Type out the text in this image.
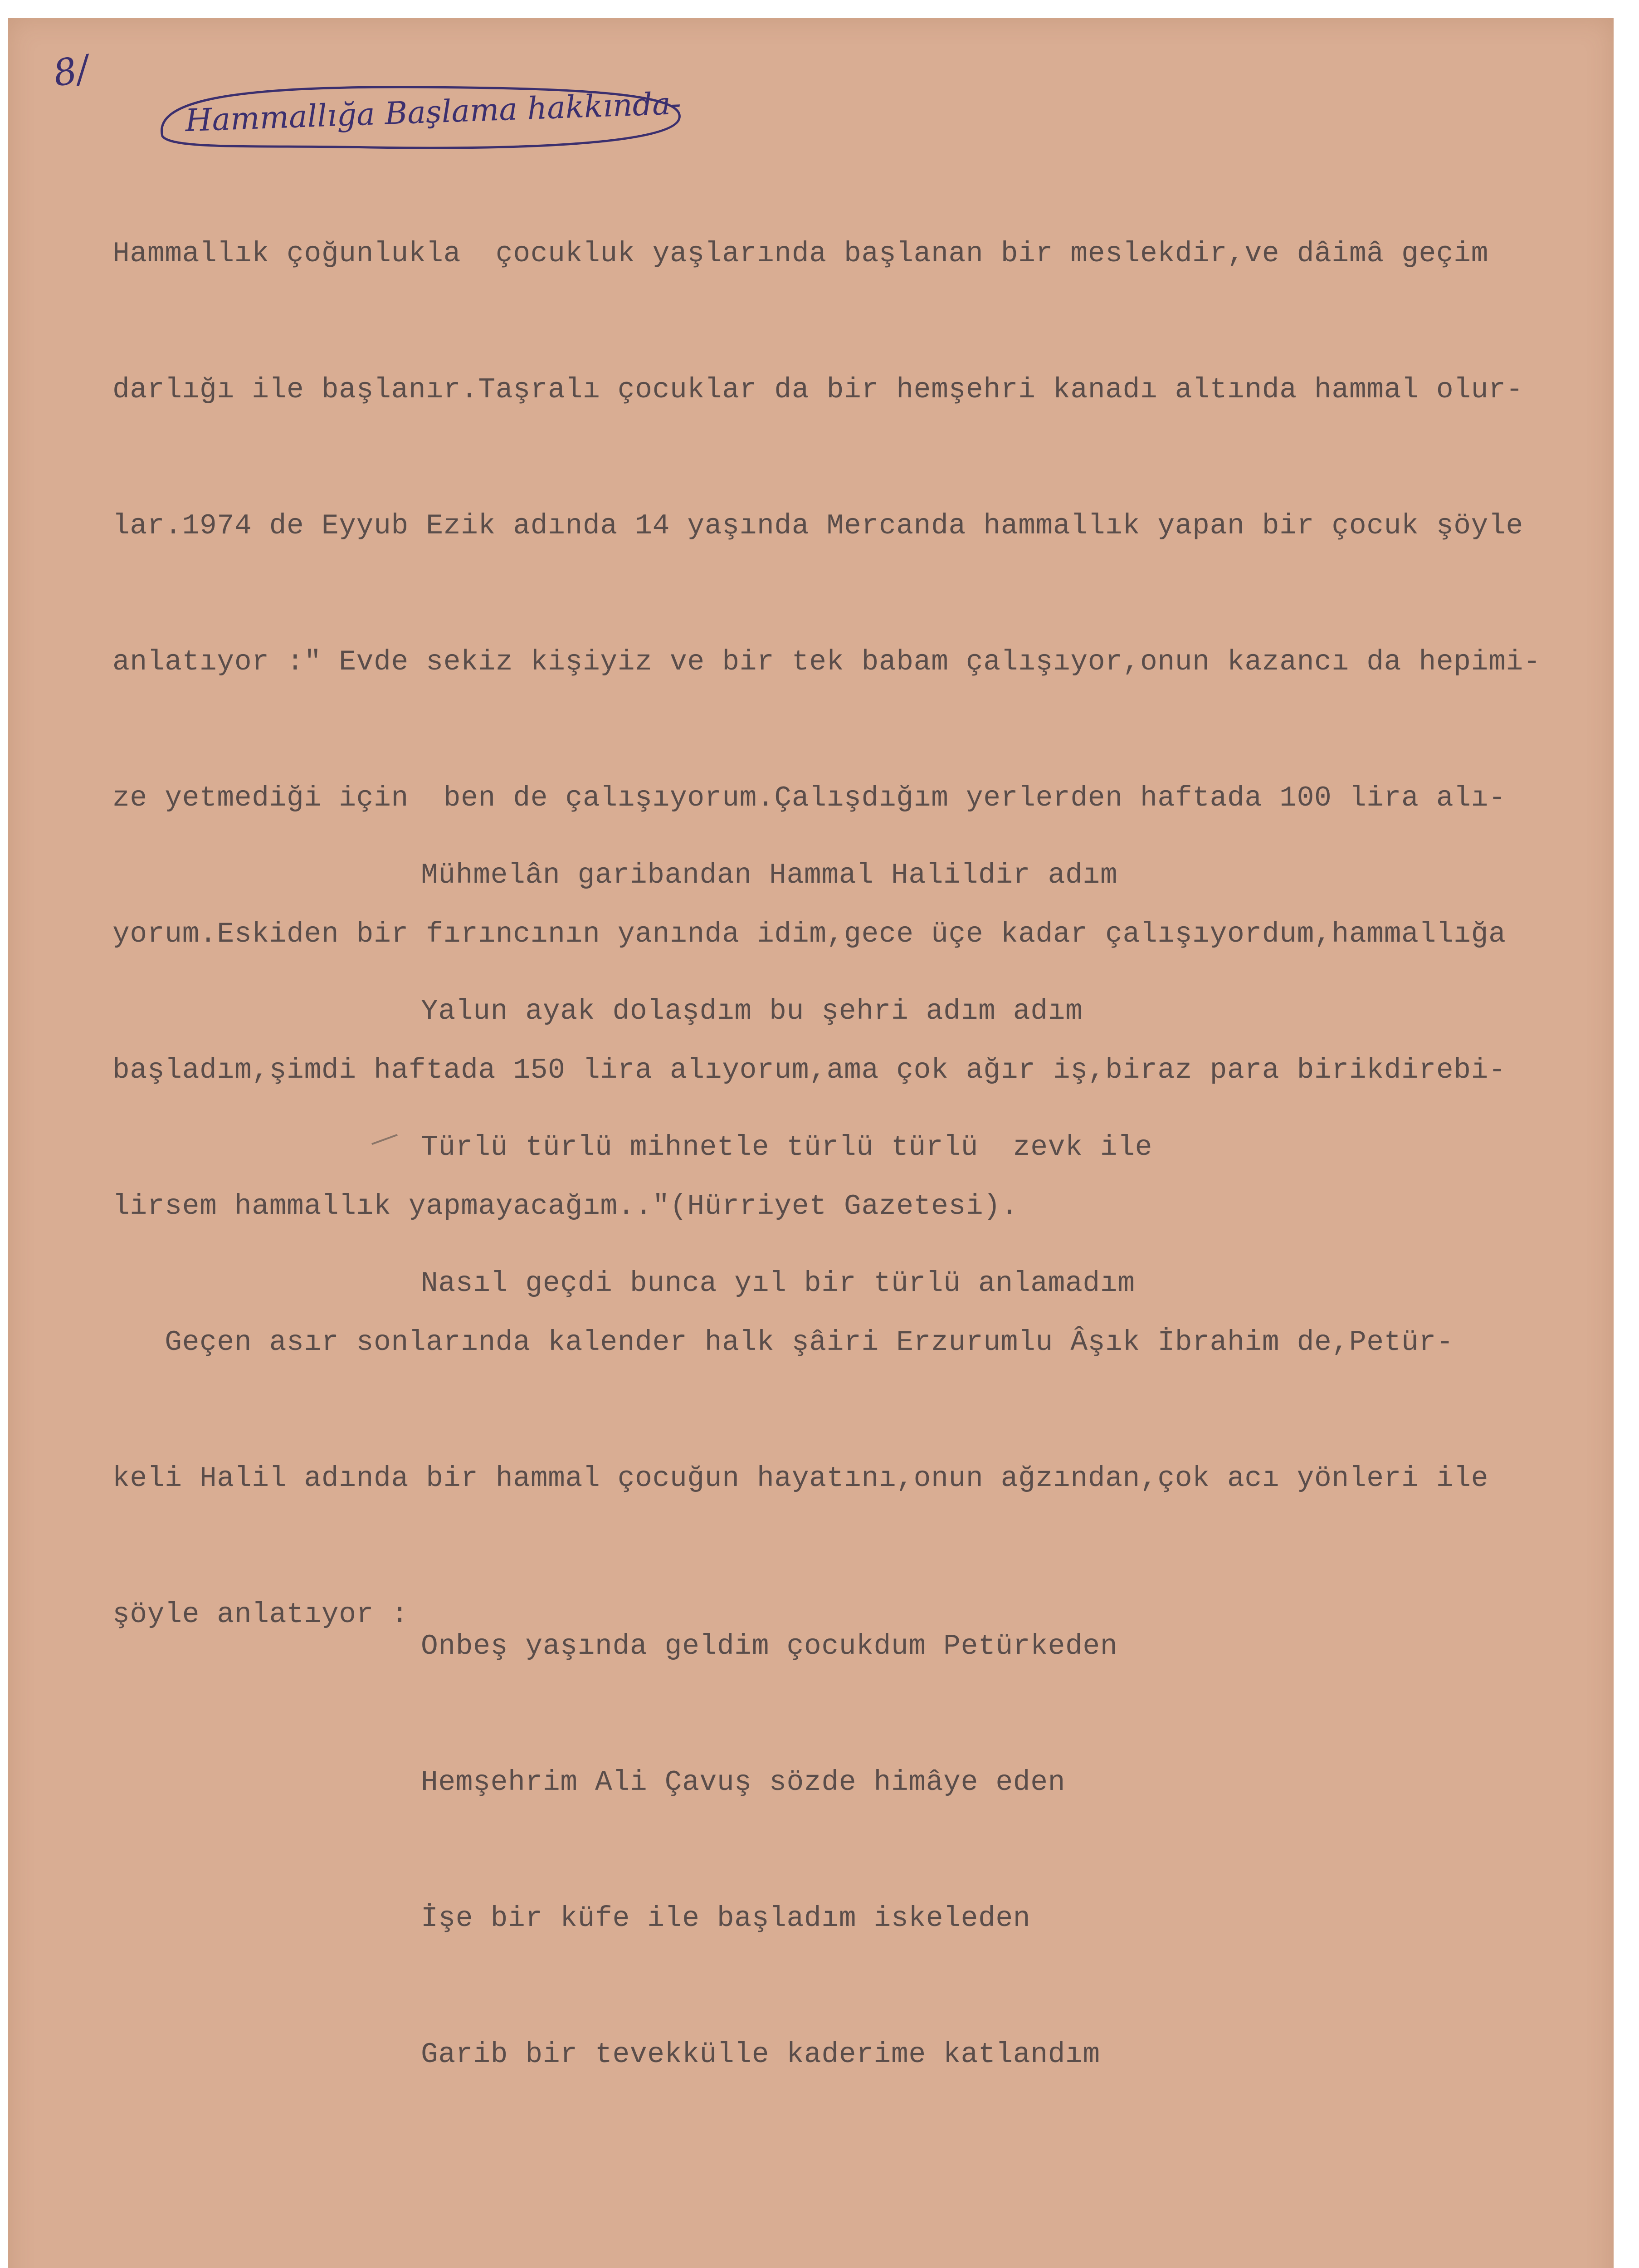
8/
Hammallığa Başlama hakkında-

Hammallık çoğunlukla  çocukluk yaşlarında başlanan bir meslekdir,ve dâimâ geçim

darlığı ile başlanır.Taşralı çocuklar da bir hemşehri kanadı altında hammal olur-

lar.1974 de Eyyub Ezik adında 14 yaşında Mercanda hammallık yapan bir çocuk şöyle

anlatıyor :" Evde sekiz kişiyiz ve bir tek babam çalışıyor,onun kazancı da hepimi-

ze yetmediği için  ben de çalışıyorum.Çalışdığım yerlerden haftada 100 lira alı-

yorum.Eskiden bir fırıncının yanında idim,gece üçe kadar çalışıyordum,hammallığa

başladım,şimdi haftada 150 lira alıyorum,ama çok ağır iş,biraz para birikdirebi-

lirsem hammallık yapmayacağım.."(Hürriyet Gazetesi).

Geçen asır sonlarında kalender halk şâiri Erzurumlu Âşık İbrahim de,Petür-

keli Halil adında bir hammal çocuğun hayatını,onun ağzından,çok acı yönleri ile

şöyle anlatıyor :

Mühmelân garibandan Hammal Halildir adım

Yalun ayak dolaşdım bu şehri adım adım

Türlü türlü mihnetle türlü türlü  zevk ile

Nasıl geçdi bunca yıl bir türlü anlamadım

Onbeş yaşında geldim çocukdum Petürkeden

Hemşehrim Ali Çavuş sözde himâye eden

İşe bir küfe ile başladım iskeleden

Garib bir tevekkülle kaderime katlandım
